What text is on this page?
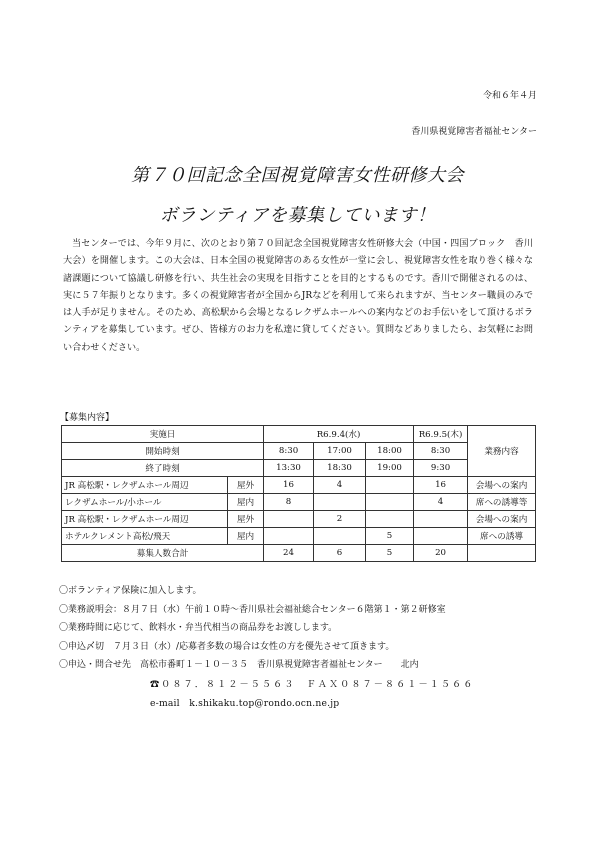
令和６年４月
香川県視覚障害者福祉センター
第７０回記念全国視覚障害女性研修大会
ボランティアを募集しています！

当センターでは、今年９月に、次のとおり第７０回記念全国視覚障害女性研修大会（中国・四国ブロック　香川大会）を開催します。この大会は、日本全国の視覚障害のある女性が一堂に会し、視覚障害女性を取り巻く様々な諸課題について協議し研修を行い、共生社会の実現を目指すことを目的とするものです。香川で開催されるのは、実に５７年振りとなります。多くの視覚障害者が全国からJRなどを利用して来られますが、当センター職員のみでは人手が足りません。そのため、高松駅から会場となるレクザムホールへの案内などのお手伝いをして頂けるボランティアを募集しています。ぜひ、皆様方のお力を私達に貸してください。質問などありましたら、お気軽にお問い合わせください。

【募集内容】
実施日		R6.9.4(水)			R6.9.5(木)	業務内容
開始時刻		8:30	17:00	18:00	8:30	
終了時刻		13:30	18:30	19:00	9:30	
JR 高松駅・レクザムホール周辺	屋外	16	4		16	会場への案内
レクザムホール/小ホール	屋内	8			4	席への誘導等
JR 高松駅・レクザムホール周辺	屋外		2			会場への案内
ホテルクレメント高松/飛天	屋内			5		席への誘導
募集人数合計		24	6	5	20	
〇ボランティア保険に加入します。
〇業務説明会：８月７日（水）午前１０時～香川県社会福祉総合センター６階第１・第２研修室
〇業務時間に応じて、飲料水・弁当代相当の商品券をお渡しします。
〇申込〆切　７月３日（水）/応募者多数の場合は女性の方を優先させて頂きます。
〇申込・問合せ先　高松市番町１－１０－３５　香川県視覚障害者福祉センター　　北内
☎０８７．８１２－５５６３　ＦＡＸ０８７－８６１－１５６６
e-mail　k.shikaku.top@rondo.ocn.ne.jp
